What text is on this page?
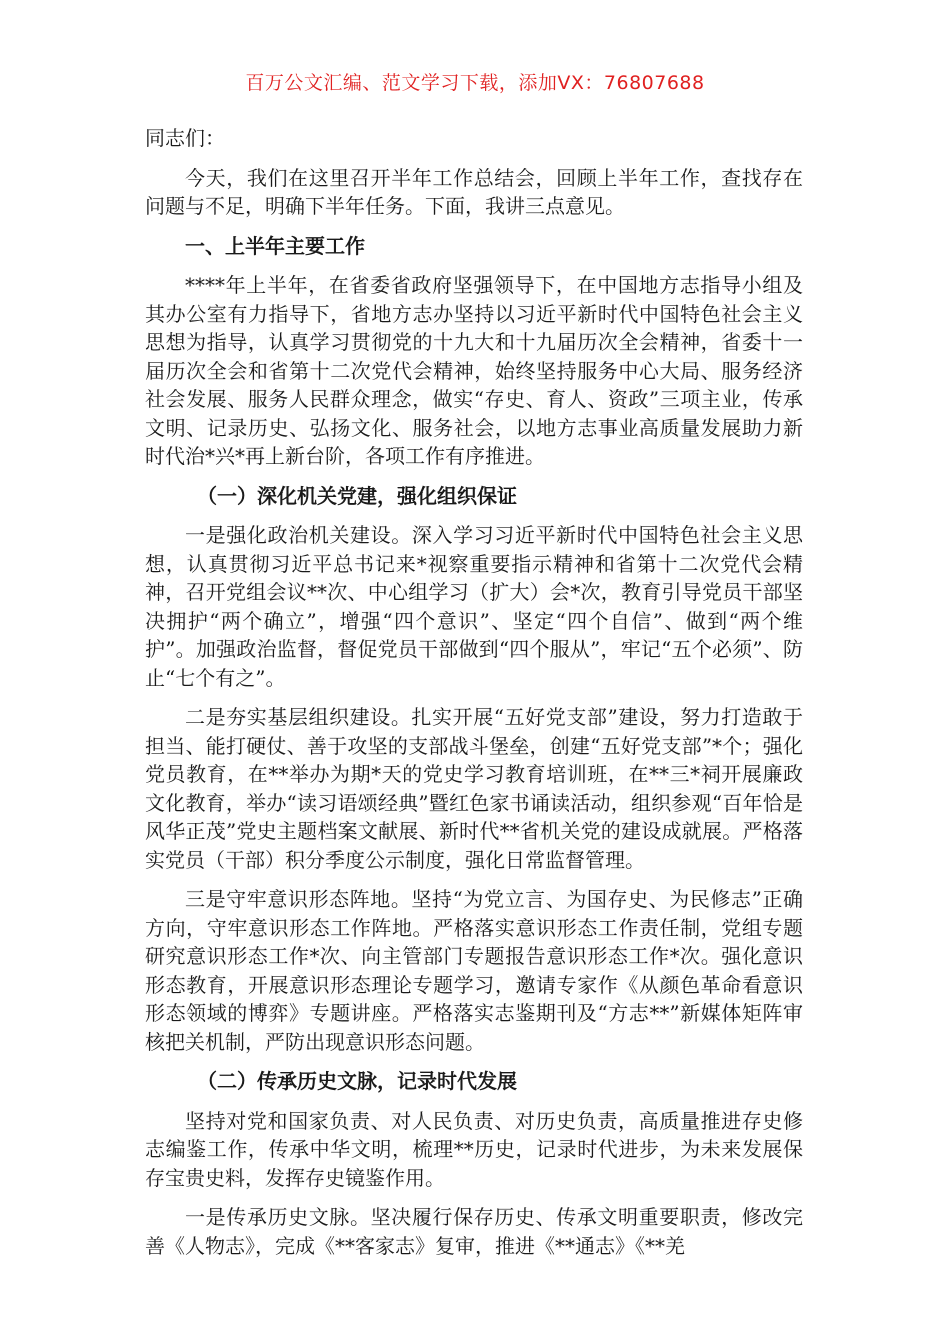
百万公文汇编、范文学习下载，添加VX：76807688

同志们：

今天，我们在这里召开半年工作总结会，回顾上半年工作，查找存在问题与不足，明确下半年任务。下面，我讲三点意见。

一、上半年主要工作

****年上半年，在省委省政府坚强领导下，在中国地方志指导小组及其办公室有力指导下，省地方志办坚持以习近平新时代中国特色社会主义思想为指导，认真学习贯彻党的十九大和十九届历次全会精神，省委十一届历次全会和省第十二次党代会精神，始终坚持服务中心大局、服务经济社会发展、服务人民群众理念，做实“存史、育人、资政”三项主业，传承文明、记录历史、弘扬文化、服务社会，以地方志事业高质量发展助力新时代治*兴*再上新台阶，各项工作有序推进。

（一）深化机关党建，强化组织保证

一是强化政治机关建设。深入学习习近平新时代中国特色社会主义思想，认真贯彻习近平总书记来*视察重要指示精神和省第十二次党代会精神，召开党组会议**次、中心组学习（扩大）会*次，教育引导党员干部坚决拥护“两个确立”，增强“四个意识”、坚定“四个自信”、做到“两个维护”。加强政治监督，督促党员干部做到“四个服从”，牢记“五个必须”、防止“七个有之”。

二是夯实基层组织建设。扎实开展“五好党支部”建设，努力打造敢于担当、能打硬仗、善于攻坚的支部战斗堡垒，创建“五好党支部”*个；强化党员教育，在**举办为期*天的党史学习教育培训班，在**三*祠开展廉政文化教育，举办“读习语颂经典”暨红色家书诵读活动，组织参观“百年恰是风华正茂”党史主题档案文献展、新时代**省机关党的建设成就展。严格落实党员（干部）积分季度公示制度，强化日常监督管理。

三是守牢意识形态阵地。坚持“为党立言、为国存史、为民修志”正确方向，守牢意识形态工作阵地。严格落实意识形态工作责任制，党组专题研究意识形态工作*次、向主管部门专题报告意识形态工作*次。强化意识形态教育，开展意识形态理论专题学习，邀请专家作《从颜色革命看意识形态领域的博弈》专题讲座。严格落实志鉴期刊及“方志**”新媒体矩阵审核把关机制，严防出现意识形态问题。

（二）传承历史文脉，记录时代发展

坚持对党和国家负责、对人民负责、对历史负责，高质量推进存史修志编鉴工作，传承中华文明，梳理**历史，记录时代进步，为未来发展保存宝贵史料，发挥存史镜鉴作用。

一是传承历史文脉。坚决履行保存历史、传承文明重要职责，修改完善《人物志》，完成《**客家志》复审，推进《**通志》《**羌
